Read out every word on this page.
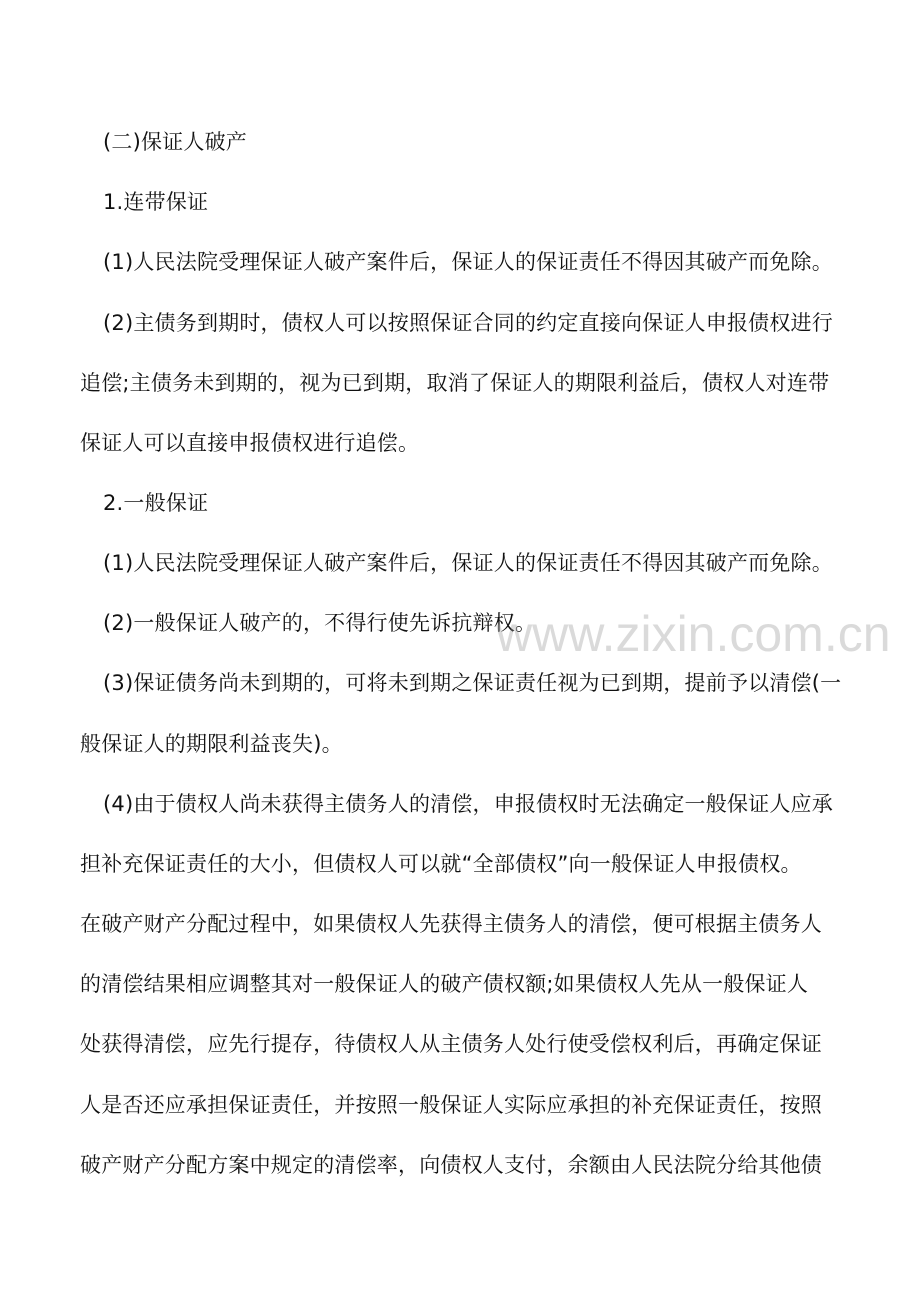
(二)保证人破产
1.连带保证
(1)人民法院受理保证人破产案件后，保证人的保证责任不得因其破产而免除。
(2)主债务到期时，债权人可以按照保证合同的约定直接向保证人申报债权进行
追偿;主债务未到期的，视为已到期，取消了保证人的期限利益后，债权人对连带
保证人可以直接申报债权进行追偿。
2.一般保证
(1)人民法院受理保证人破产案件后，保证人的保证责任不得因其破产而免除。
(2)一般保证人破产的，不得行使先诉抗辩权。
(3)保证债务尚未到期的，可将未到期之保证责任视为已到期，提前予以清偿(一
般保证人的期限利益丧失)。
(4)由于债权人尚未获得主债务人的清偿，申报债权时无法确定一般保证人应承
担补充保证责任的大小，但债权人可以就“全部债权”向一般保证人申报债权。
在破产财产分配过程中，如果债权人先获得主债务人的清偿，便可根据主债务人
的清偿结果相应调整其对一般保证人的破产债权额;如果债权人先从一般保证人
处获得清偿，应先行提存，待债权人从主债务人处行使受偿权利后，再确定保证
人是否还应承担保证责任，并按照一般保证人实际应承担的补充保证责任，按照
破产财产分配方案中规定的清偿率，向债权人支付，余额由人民法院分给其他债
www.zixin.com.cn
